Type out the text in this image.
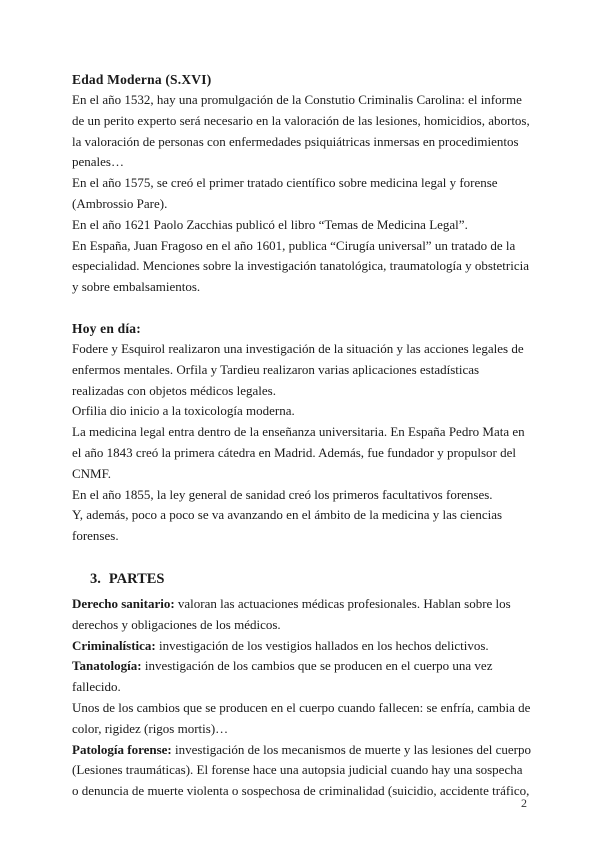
Edad Moderna (S.XVI)

En el año 1532, hay una promulgación de la Constutio Criminalis Carolina: el informe de un perito experto será necesario en la valoración de las lesiones, homicidios, abortos, la valoración de personas con enfermedades psiquiátricas inmersas en procedimientos penales…

En el año 1575, se creó el primer tratado científico sobre medicina legal y forense (Ambrossio Pare).

En el año 1621 Paolo Zacchias publicó el libro “Temas de Medicina Legal”.

En España, Juan Fragoso en el año 1601, publica “Cirugía universal” un tratado de la especialidad. Menciones sobre la investigación tanatológica, traumatología y obstetricia y sobre embalsamientos.

Hoy en día:

Fodere y Esquirol realizaron una investigación de la situación y las acciones legales de enfermos mentales. Orfila y Tardieu realizaron varias aplicaciones estadísticas realizadas con objetos médicos legales.

Orfilia dio inicio a la toxicología moderna.

La medicina legal entra dentro de la enseñanza universitaria. En España Pedro Mata en el año 1843 creó la primera cátedra en Madrid. Además, fue fundador y propulsor del CNMF.

En el año 1855, la ley general de sanidad creó los primeros facultativos forenses.

Y, además, poco a poco se va avanzando en el ámbito de la medicina y las ciencias forenses.

3. PARTES

Derecho sanitario: valoran las actuaciones médicas profesionales. Hablan sobre los derechos y obligaciones de los médicos.

Criminalística: investigación de los vestigios hallados en los hechos delictivos.

Tanatología: investigación de los cambios que se producen en el cuerpo una vez fallecido.

Unos de los cambios que se producen en el cuerpo cuando fallecen: se enfría, cambia de color, rigidez (rigos mortis)…

Patología forense: investigación de los mecanismos de muerte y las lesiones del cuerpo (Lesiones traumáticas). El forense hace una autopsia judicial cuando hay una sospecha o denuncia de muerte violenta o sospechosa de criminalidad (suicidio, accidente tráfico,

2
